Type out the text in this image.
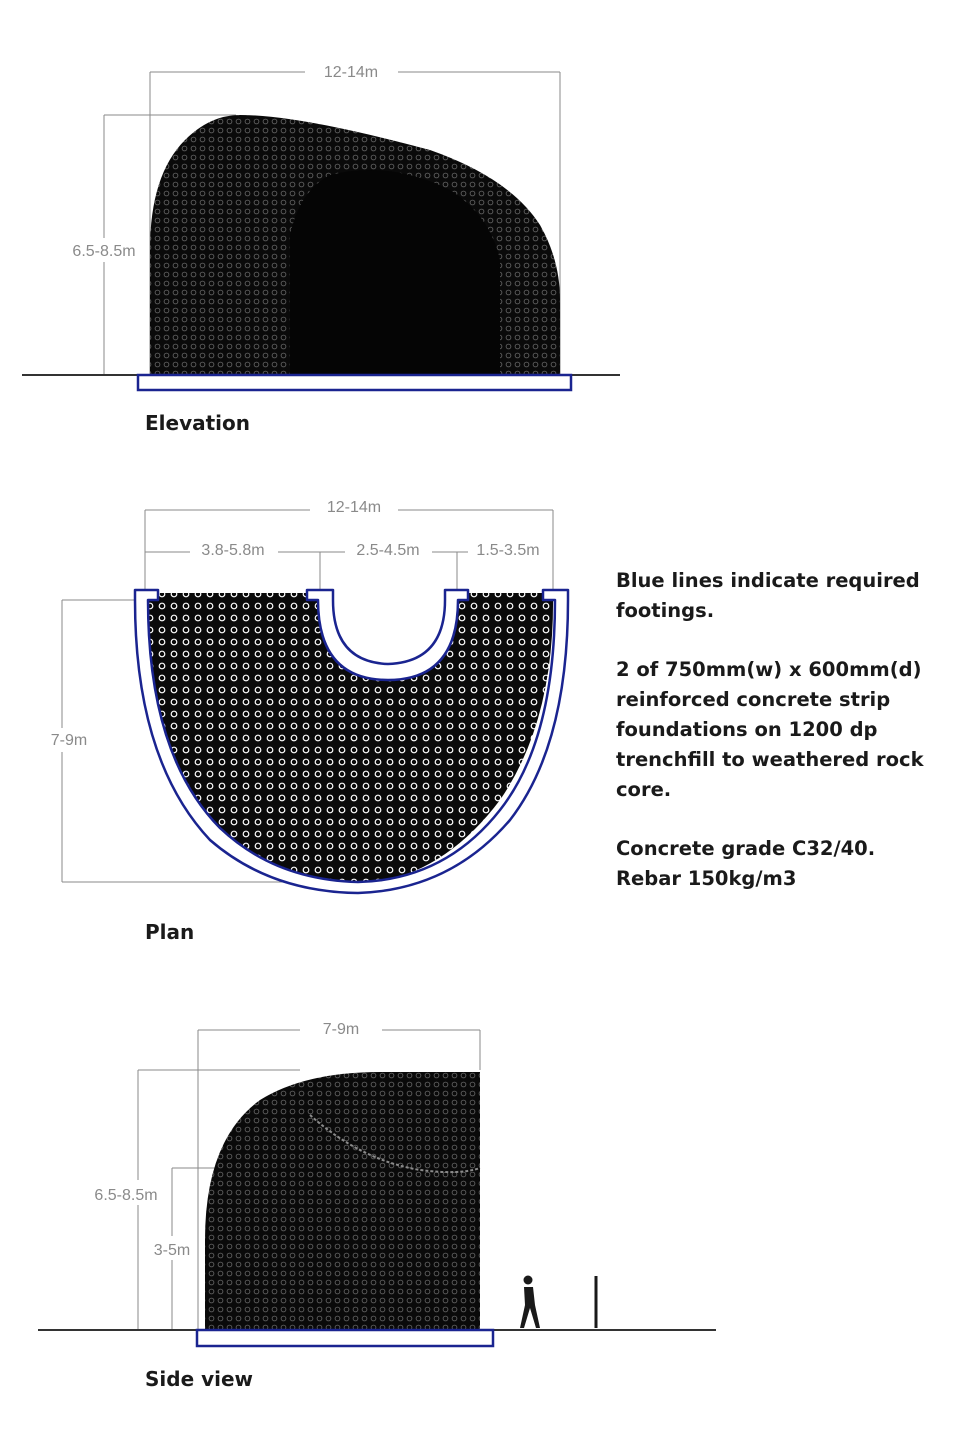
12-14m
6.5-8.5m
12-14m
3.8-5.8m	2.5-4.5m	1.5-3.5m
7-9m
7-9m
6.5-8.5m
3-5m
Elevation
Plan
Side view

Blue lines indicate required
footings.

2 of 750mm(w) x 600mm(d)
reinforced concrete strip
foundations on 1200 dp
trenchfill to weathered rock
core.

Concrete grade C32/40.
Rebar 150kg/m3
